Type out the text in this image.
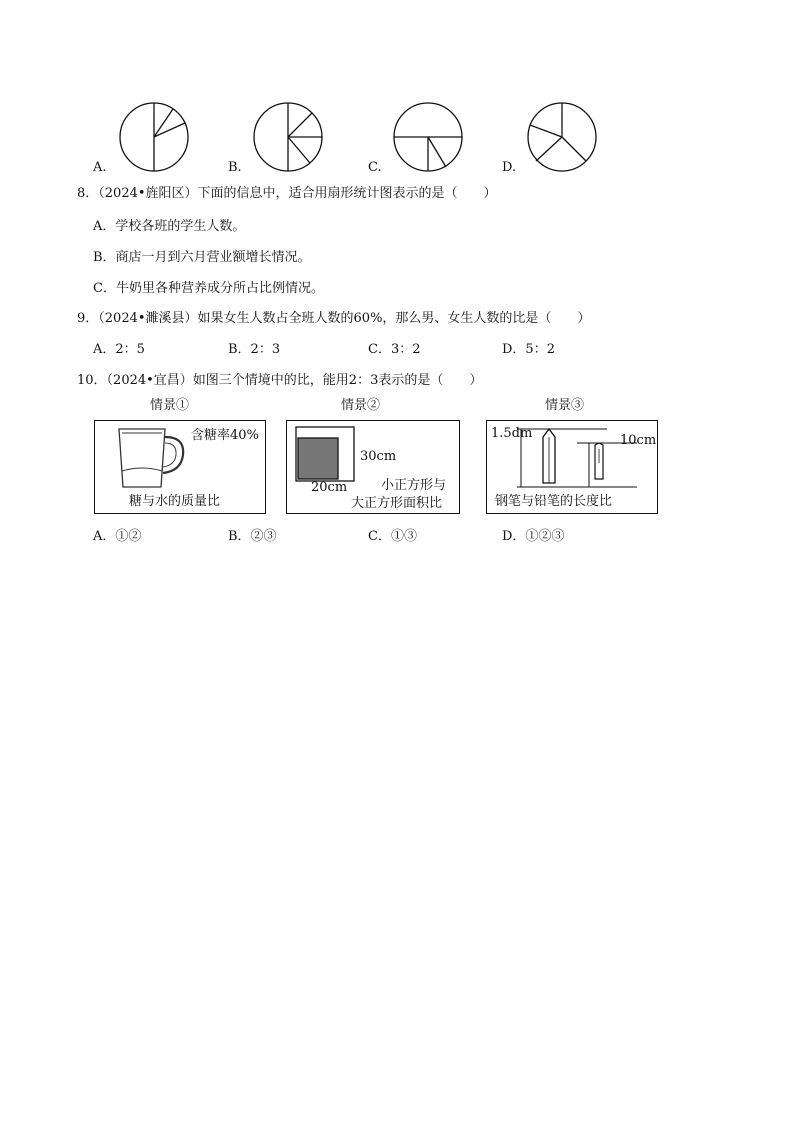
A.	B.	C.	D.
8．（2024•旌阳区）下面的信息中，适合用扇形统计图表示的是（　　）
A．学校各班的学生人数。
B．商店一月到六月营业额增长情况。
C．牛奶里各种营养成分所占比例情况。
9．（2024•濉溪县）如果女生人数占全班人数的60%，那么男、女生人数的比是（　　）
A．2：5	B．2：3	C．3：2	D．5：2
10．（2024•宜昌）如图三个情境中的比，能用2：3表示的是（　　）
情景①	情景②	情景③
含糖率40%
糖与水的质量比
30cm
20cm	小正方形与
大正方形面积比
1.5dm	10cm
钢笔与铅笔的长度比
A．①②	B．②③	C．①③	D．①②③
